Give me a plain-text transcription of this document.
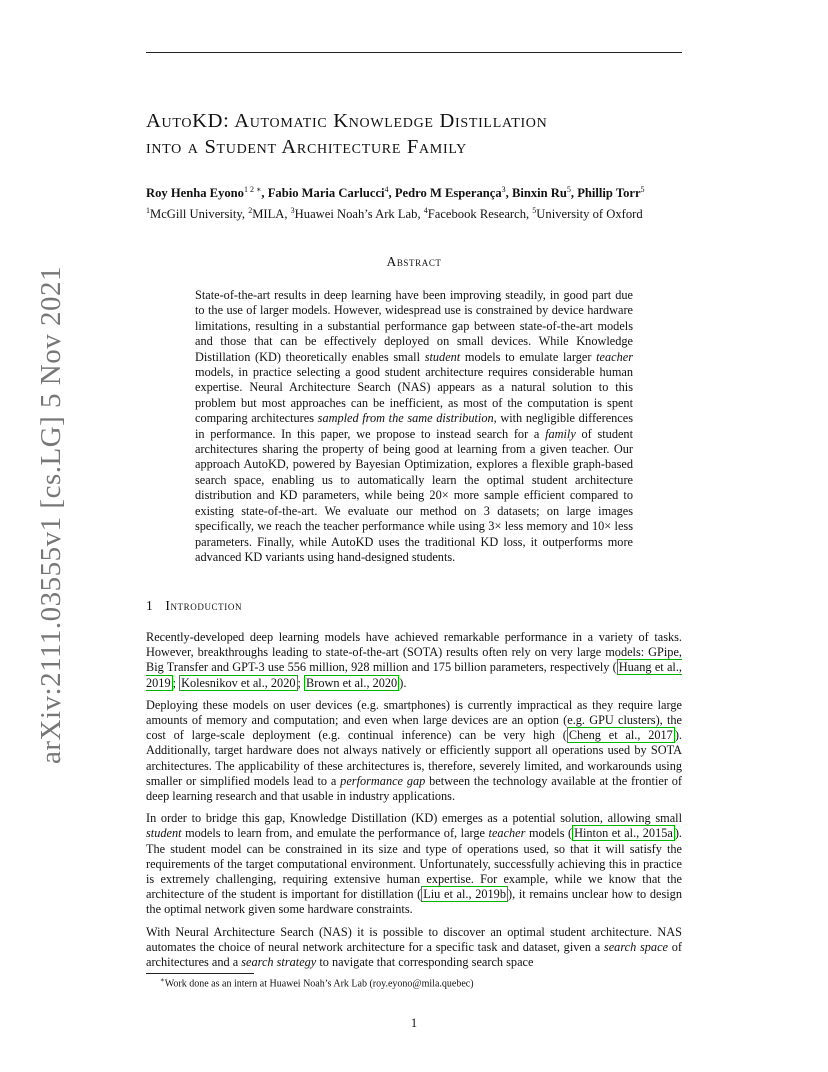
arXiv:2111.03555v1 [cs.LG] 5 Nov 2021
AutoKD: Automatic Knowledge Distillation
into a Student Architecture Family
Roy Henha Eyono$^{1 2 ∗}$, Fabio Maria Carlucci$^4$, Pedro M Esperança$^3$, Binxin Ru$^5$, Phillip Torr$^5$
$^1$McGill University, $^2$MILA, $^3$Huawei Noah’s Ark Lab, $^4$Facebook Research, $^5$University of Oxford
Abstract
State-of-the-art results in deep learning have been improving steadily, in good part due to the use of larger models. However, widespread use is constrained by device hardware limitations, resulting in a substantial performance gap between state-of-the-art models and those that can be effectively deployed on small devices. While Knowledge Distillation (KD) theoretically enables small student models to emulate larger teacher models, in practice selecting a good student architecture requires considerable human expertise. Neural Architecture Search (NAS) appears as a natural solution to this problem but most approaches can be inefficient, as most of the computation is spent comparing architectures sampled from the same distribution, with negligible differences in performance. In this paper, we propose to instead search for a family of student architectures sharing the property of being good at learning from a given teacher. Our approach AutoKD, powered by Bayesian Optimization, explores a flexible graph-based search space, enabling us to automatically learn the optimal student architecture distribution and KD parameters, while being 20× more sample efficient compared to existing state-of-the-art. We evaluate our method on 3 datasets; on large images specifically, we reach the teacher performance while using 3× less memory and 10× less parameters. Finally, while AutoKD uses the traditional KD loss, it outperforms more advanced KD variants using hand-designed students.
1 Introduction

Recently-developed deep learning models have achieved remarkable performance in a variety of tasks. However, breakthroughs leading to state-of-the-art (SOTA) results often rely on very large models: GPipe, Big Transfer and GPT-3 use 556 million, 928 million and 175 billion parameters, respectively ( Huang et al., 2019 ; Kolesnikov et al., 2020 ; Brown et al., 2020 ).

Deploying these models on user devices (e.g. smartphones) is currently impractical as they require large amounts of memory and computation; and even when large devices are an option (e.g. GPU clusters), the cost of large-scale deployment (e.g. continual inference) can be very high ( Cheng et al., 2017 ). Additionally, target hardware does not always natively or efficiently support all operations used by SOTA architectures. The applicability of these architectures is, therefore, severely limited, and workarounds using smaller or simplified models lead to a performance gap between the technology available at the frontier of deep learning research and that usable in industry applications.

In order to bridge this gap, Knowledge Distillation (KD) emerges as a potential solution, allowing small student models to learn from, and emulate the performance of, large teacher models ( Hinton et al., 2015a ). The student model can be constrained in its size and type of operations used, so that it will satisfy the requirements of the target computational environment. Unfortunately, successfully achieving this in practice is extremely challenging, requiring extensive human expertise. For example, while we know that the architecture of the student is important for distillation ( Liu et al., 2019b ), it remains unclear how to design the optimal network given some hardware constraints.

With Neural Architecture Search (NAS) it is possible to discover an optimal student architecture. NAS automates the choice of neural network architecture for a specific task and dataset, given a search space of architectures and a search strategy to navigate that corresponding search space

∗Work done as an intern at Huawei Noah’s Ark Lab (roy.eyono@mila.quebec)
1
